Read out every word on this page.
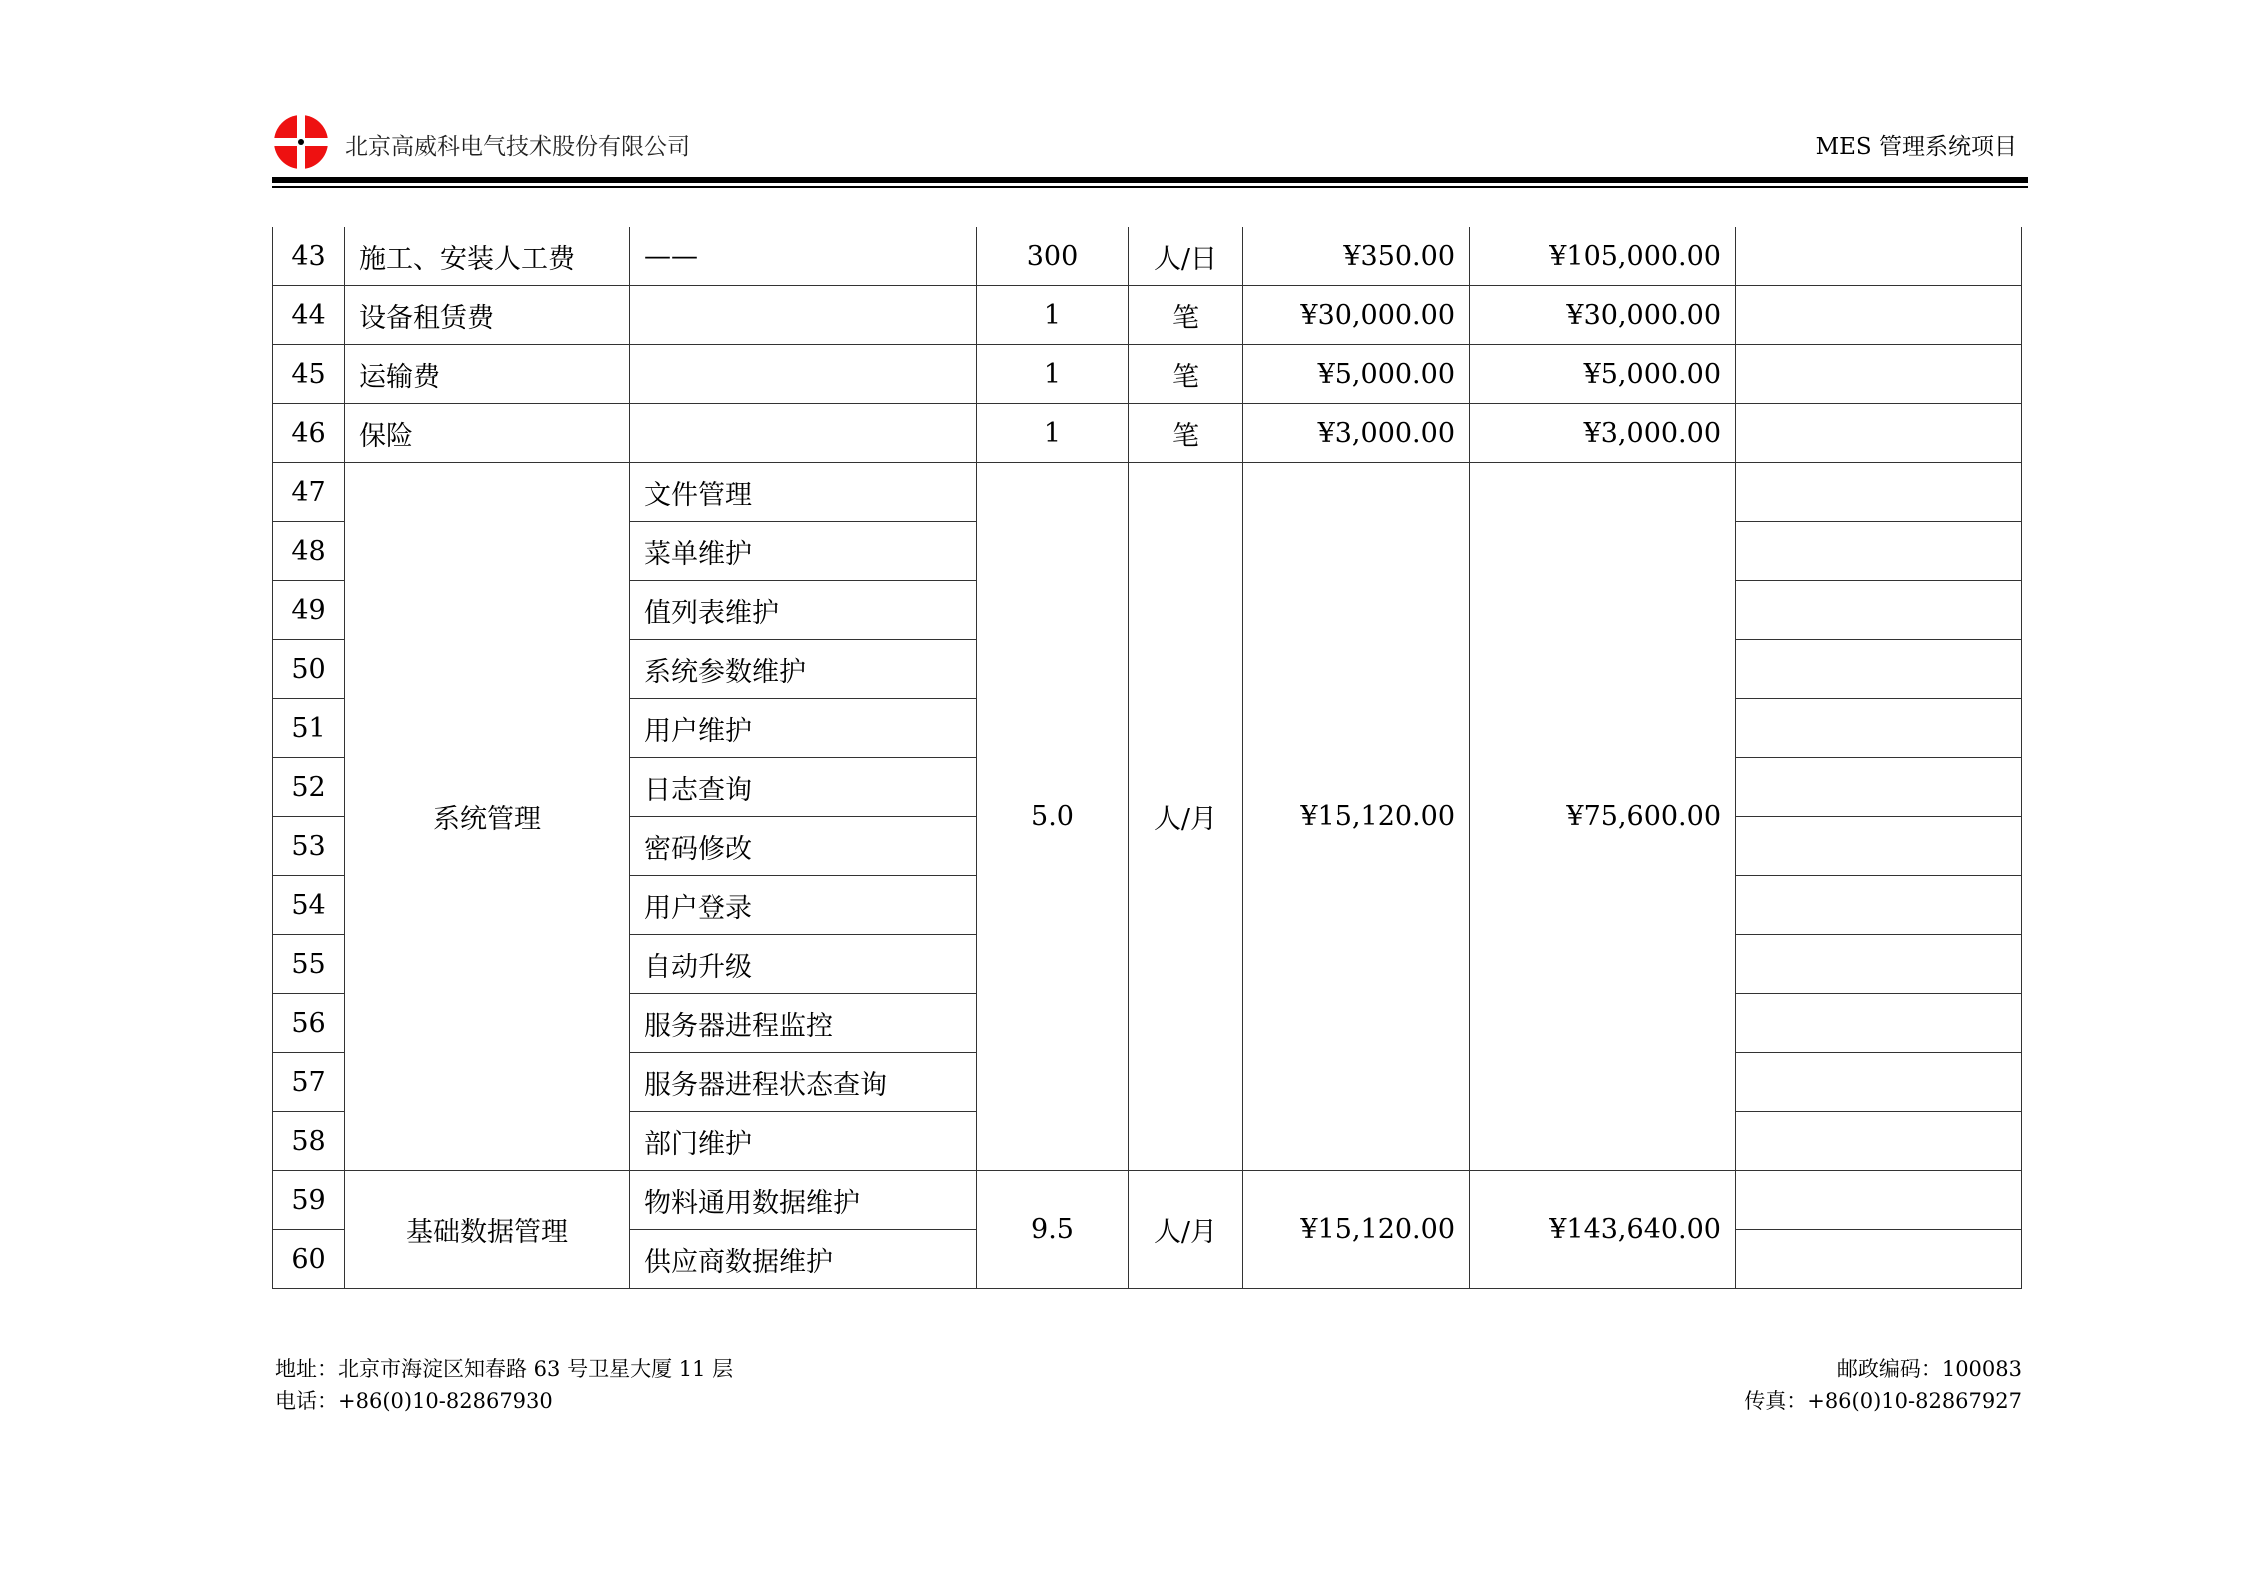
北京高威科电气技术股份有限公司	MES 管理系统项目
43	施工、安装人工费	——	300	人/日	¥350.00	¥105,000.00	
44	设备租赁费		1	笔	¥30,000.00	¥30,000.00	
45	运输费		1	笔	¥5,000.00	¥5,000.00	
46	保险		1	笔	¥3,000.00	¥3,000.00	
47	系统管理	文件管理	5.0	人/月	¥15,120.00	¥75,600.00	
48		菜单维护					
49		值列表维护					
50		系统参数维护					
51		用户维护					
52		日志查询					
53		密码修改					
54		用户登录					
55		自动升级					
56		服务器进程监控					
57		服务器进程状态查询					
58		部门维护					
59	基础数据管理	物料通用数据维护	9.5	人/月	¥15,120.00	¥143,640.00	
60		供应商数据维护					
地址：北京市海淀区知春路 63 号卫星大厦 11 层
电话：+86(0)10-82867930
邮政编码：100083
传真：+86(0)10-82867927
